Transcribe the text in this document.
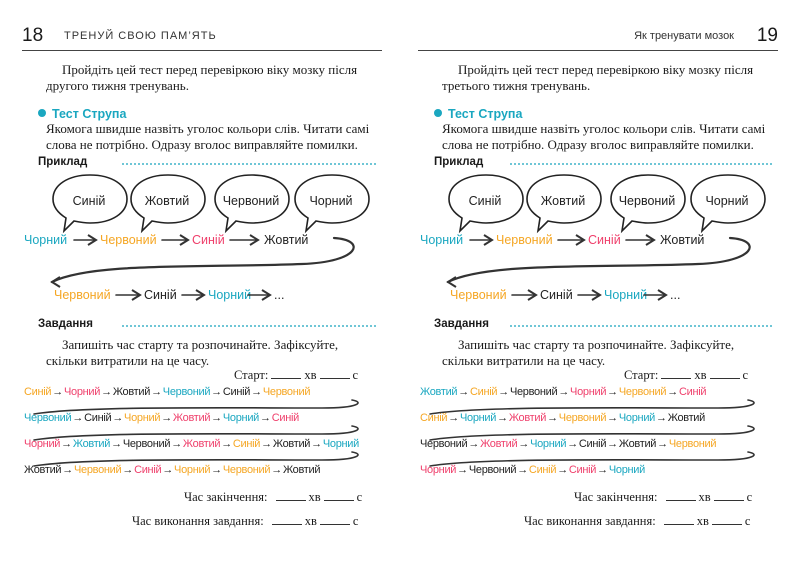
18 ТРЕНУЙ СВОЮ ПАМ’ЯТЬ
Пройдіть цей тест перед перевіркою віку мозку після другого тижня тренувань.
Тест Струпа
Якомога швидше назвіть уголос кольори слів. Читати самі слова не потрібно. Одразу вголос виправляйте помилки.
Приклад
Синій	Жовтий	Червоний	Чорний
Чорний	Червоний	Синій	Жовтий
Червоний	Синій	Чорний ...
Завдання
Запишіть час старту та розпочинайте. Зафіксуйте, скільки витратили на це часу.
Старт:	хв	с
Синій→Чорний→Жовтий→Червоний→Синій→Червоний
Червоний→Синій→Чорний→Жовтий→Чорний→Синій
Чорний→Жовтий→Червоний→Жовтий→Синій→Жовтий→Чорний
Жовтий→Червоний→Синій→Чорний→Червоний→Жовтий
Час закінчення:	хв	с
Час виконання завдання:	хв	с
Як тренувати мозок 19
Пройдіть цей тест перед перевіркою віку мозку після третього тижня тренувань.
Тест Струпа
Якомога швидше назвіть уголос кольори слів. Читати самі слова не потрібно. Одразу вголос виправляйте помилки.
Приклад
Синій	Жовтий	Червоний	Чорний
Чорний	Червоний	Синій	Жовтий
Червоний	Синій	Чорний ...
Завдання
Запишіть час старту та розпочинайте. Зафіксуйте, скільки витратили на це часу.
Старт:	хв	с
Жовтий→Синій→Червоний→Чорний→Червоний→Синій
Синій→Чорний→Жовтий→Червоний→Чорний→Жовтий
Червоний→Жовтий→Чорний→Синій→Жовтий→Червоний
Чорний→Червоний→Синій→Синій→Чорний
Час закінчення:	хв	с
Час виконання завдання:	хв	с
